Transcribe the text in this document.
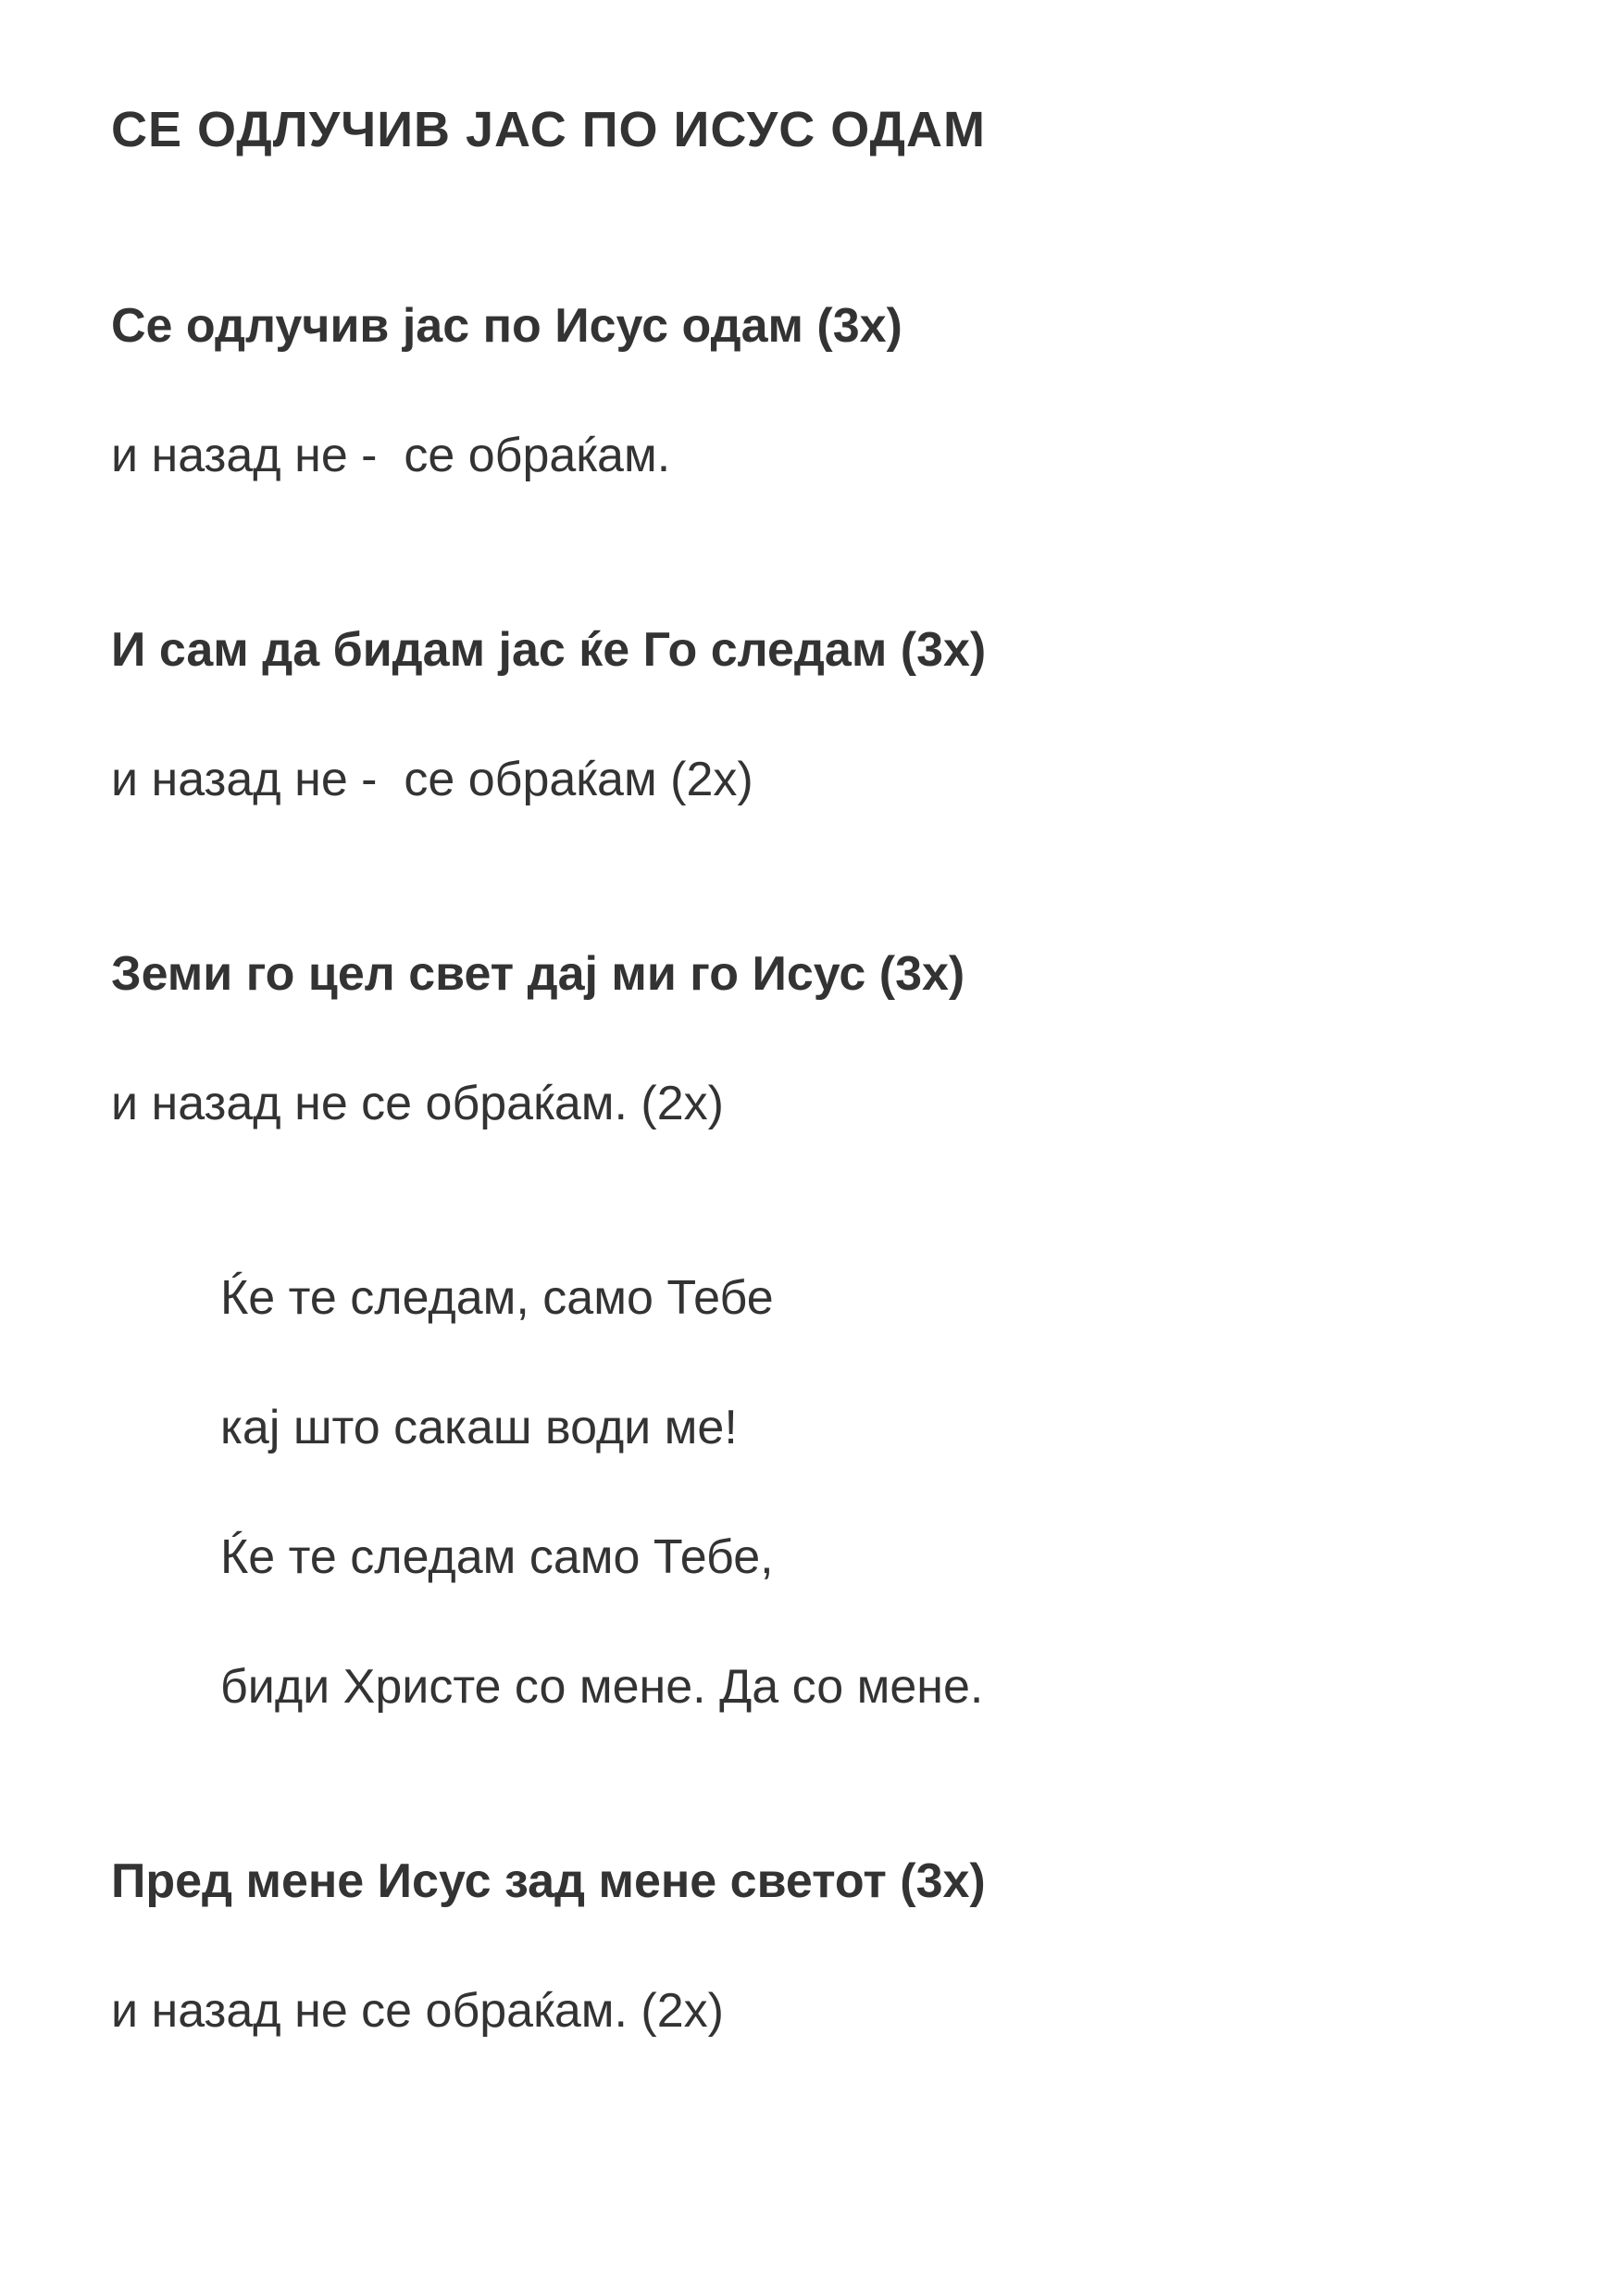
СЕ ОДЛУЧИВ ЈАС ПО ИСУС ОДАМ
Се одлучив јас по Исус одам (3x)
и назад не -  се обраќам.
И сам да бидам јас ќе Го следам (3x)
и назад не -  се обраќам (2x)
Земи го цел свет дај ми го Исус (3x)
и назад не се обраќам. (2x)
Ќе те следам, само Тебе
кај што сакаш води ме!
Ќе те следам само Тебе,
биди Христе со мене. Да со мене.
Пред мене Исус зад мене светот (3x)
и назад не се обраќам. (2x)
